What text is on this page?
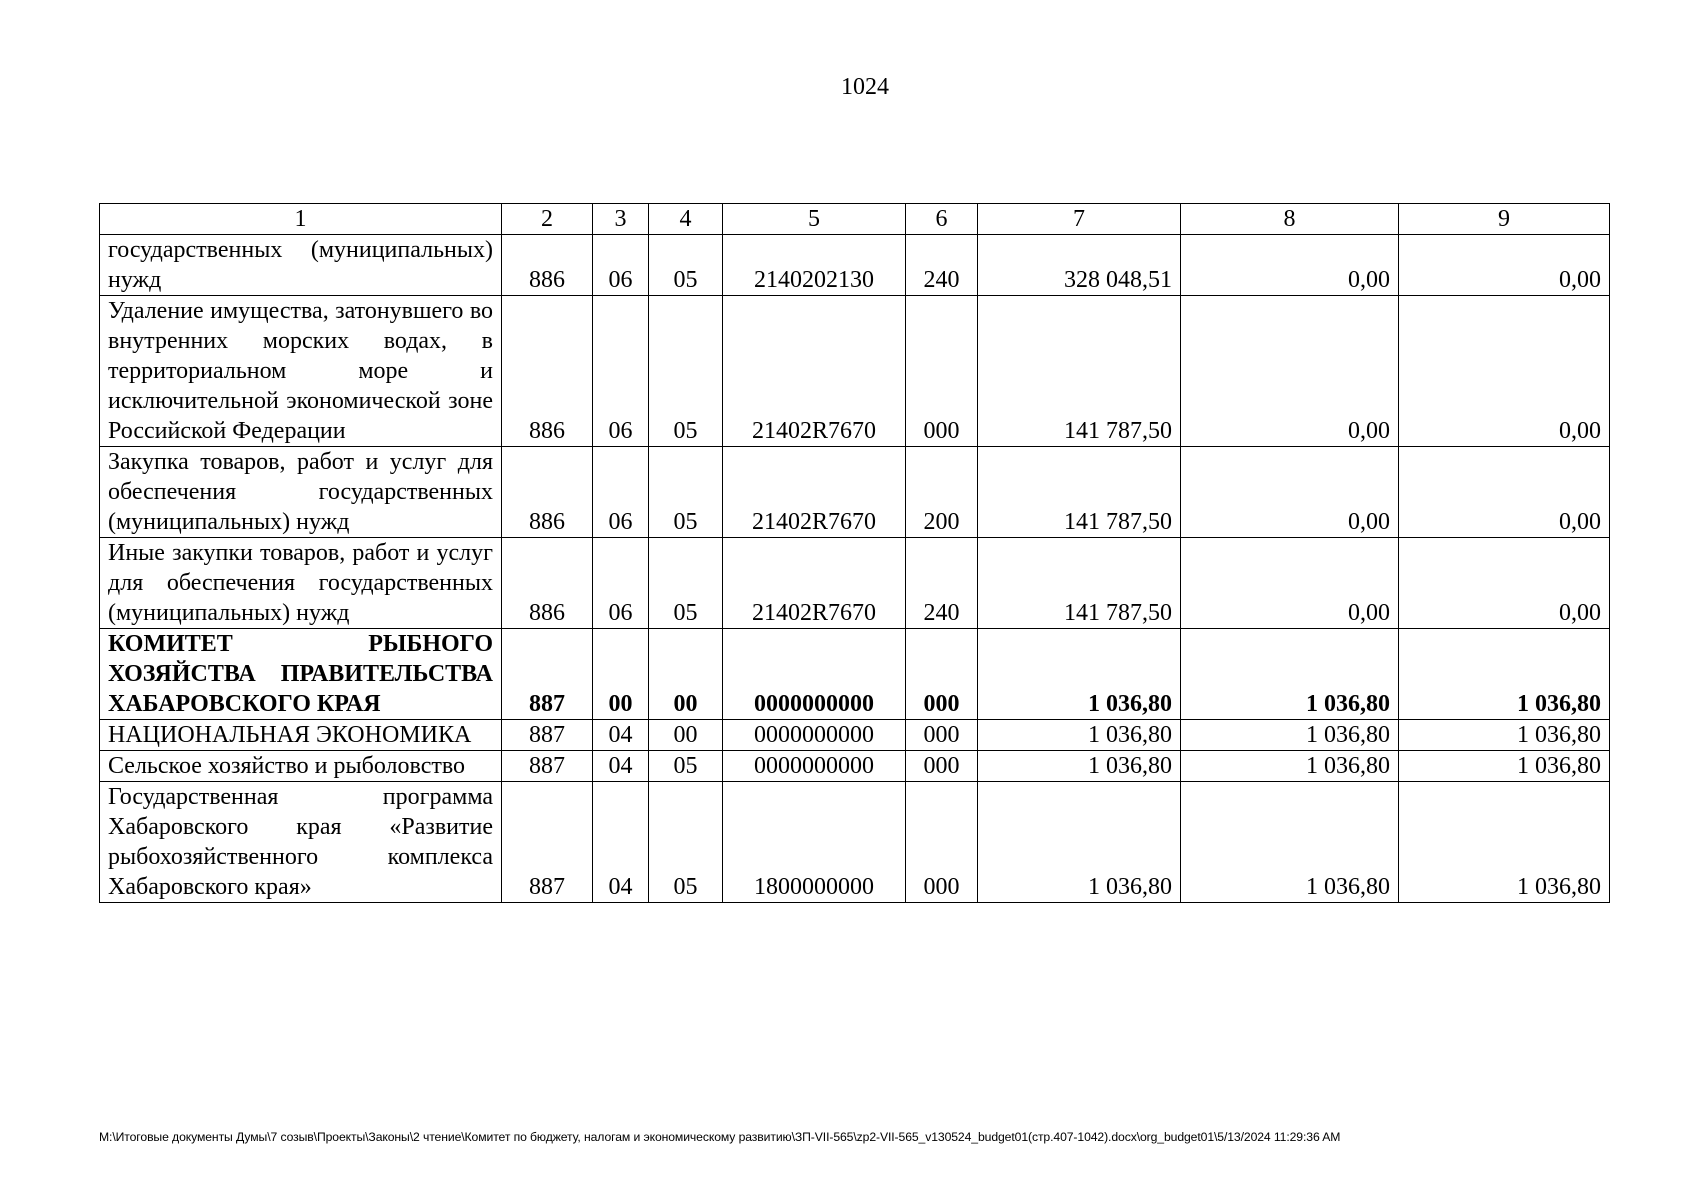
1024
1	2	3	4	5	6	7	8	9
государственных (муниципальных) нужд	886	06	05	2140202130	240	328 048,51	0,00	0,00
Удаление имущества, затонувшего во внутренних морских водах, в территориальном море и исключительной экономической зоне Российской Федерации	886	06	05	21402R7670	000	141 787,50	0,00	0,00
Закупка товаров, работ и услуг для обеспечения государственных (муниципальных) нужд	886	06	05	21402R7670	200	141 787,50	0,00	0,00
Иные закупки товаров, работ и услуг для обеспечения государственных (муниципальных) нужд	886	06	05	21402R7670	240	141 787,50	0,00	0,00
КОМИТЕТ РЫБНОГО ХОЗЯЙСТВА ПРАВИТЕЛЬСТВА ХАБАРОВСКОГО КРАЯ	887	00	00	0000000000	000	1 036,80	1 036,80	1 036,80
НАЦИОНАЛЬНАЯ ЭКОНОМИКА	887	04	00	0000000000	000	1 036,80	1 036,80	1 036,80
Сельское хозяйство и рыболовство	887	04	05	0000000000	000	1 036,80	1 036,80	1 036,80
Государственная программа Хабаровского края «Развитие рыбохозяйственного комплекса Хабаровского края»	887	04	05	1800000000	000	1 036,80	1 036,80	1 036,80
M:\Итоговые документы Думы\7 созыв\Проекты\Законы\2 чтение\Комитет по бюджету, налогам и экономическому развитию\ЗП-VII-565\zp2-VII-565_v130524_budget01(стр.407-1042).docx\org_budget01\5/13/2024 11:29:36 AM
